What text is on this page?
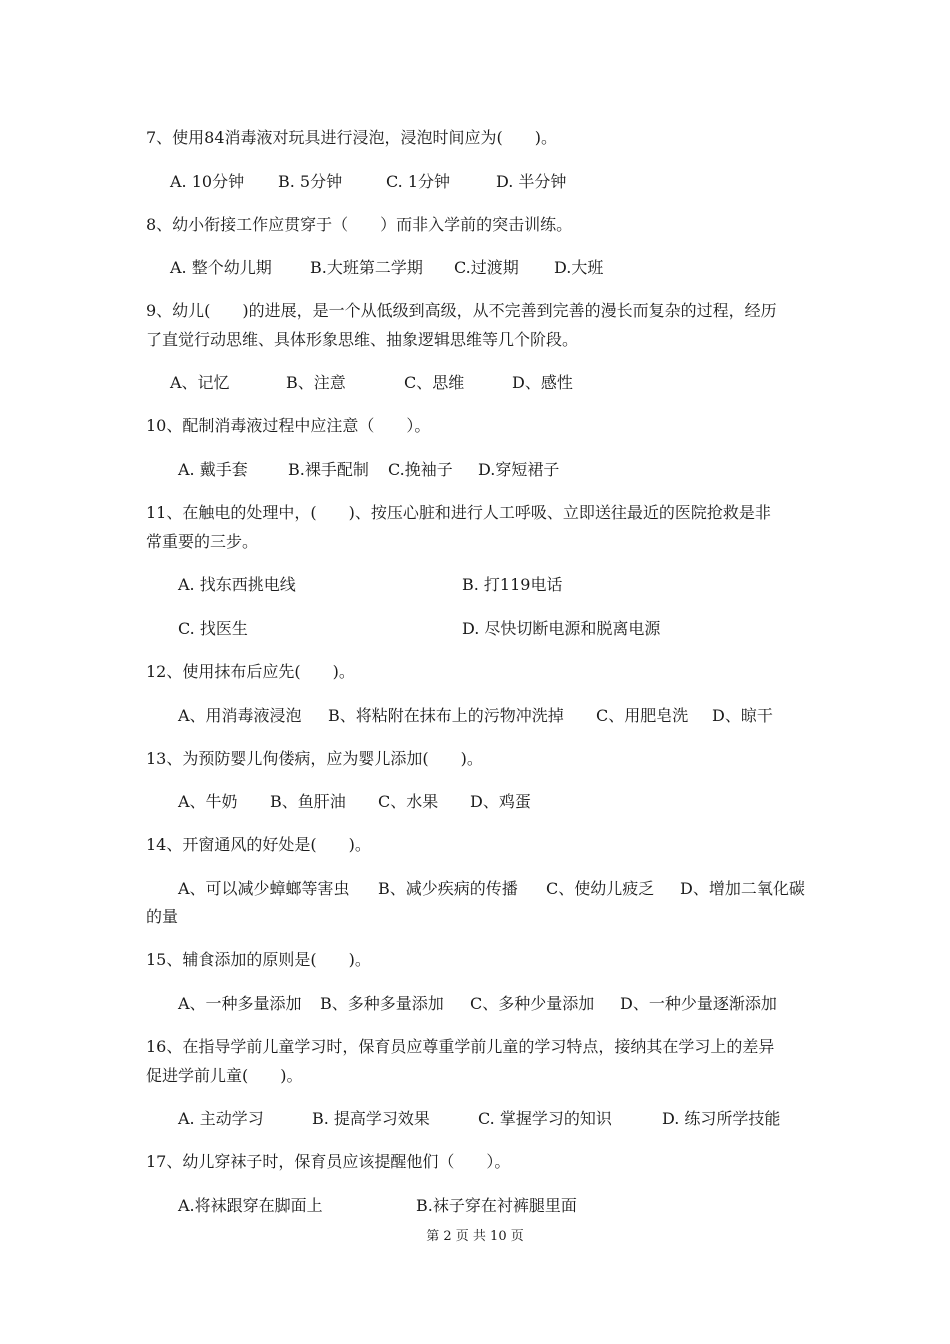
7、使用84消毒液对玩具进行浸泡，浸泡时间应为(　　)。
A. 10分钟 B. 5分钟	C. 1分钟	D. 半分钟
8、幼小衔接工作应贯穿于（　　）而非入学前的突击训练。
A. 整个幼儿期 B.大班第二学期 C.过渡期 D.大班
9、幼儿(　　)的进展，是一个从低级到高级，从不完善到完善的漫长而复杂的过程，经历
了直觉行动思维、具体形象思维、抽象逻辑思维等几个阶段。
A、记忆	B、注意	C、思维	D、感性
10、配制消毒液过程中应注意（　　）。
A. 戴手套	B.裸手配制 C.挽袖子 D.穿短裙子
11、在触电的处理中，(　　)、按压心脏和进行人工呼吸、立即送往最近的医院抢救是非
常重要的三步。
A. 找东西挑电线	B. 打119电话
C. 找医生	D. 尽快切断电源和脱离电源
12、使用抹布后应先(　　)。
A、用消毒液浸泡 B、将粘附在抹布上的污物冲洗掉 C、用肥皂洗 D、晾干
13、为预防婴儿佝偻病，应为婴儿添加(　　)。
A、牛奶 B、鱼肝油 C、水果 D、鸡蛋
14、开窗通风的好处是(　　)。
A、可以减少蟑螂等害虫 B、减少疾病的传播 C、使幼儿疲乏 D、增加二氧化碳
的量
15、辅食添加的原则是(　　)。
A、一种多量添加 B、多种多量添加 C、多种少量添加 D、一种少量逐渐添加
16、在指导学前儿童学习时，保育员应尊重学前儿童的学习特点，接纳其在学习上的差异
促进学前儿童(　　)。
A. 主动学习	B. 提高学习效果	C. 掌握学习的知识	D. 练习所学技能
17、幼儿穿袜子时，保育员应该提醒他们（　　）。
A.将袜跟穿在脚面上	B.袜子穿在衬裤腿里面
第 2 页 共 10 页
